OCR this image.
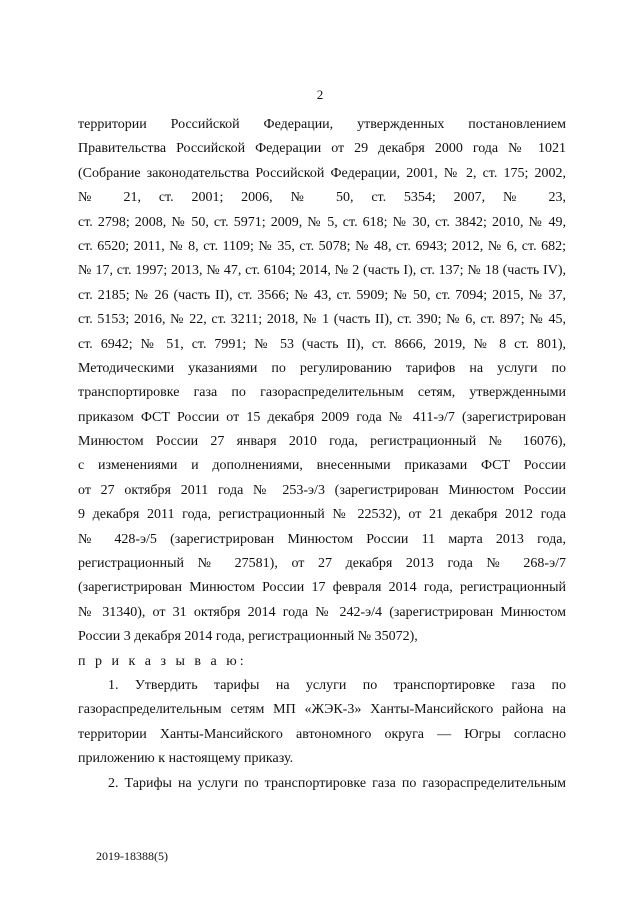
2

территории Российской Федерации, утвержденных постановлением
Правительства Российской Федерации от 29 декабря 2000 года № 1021
(Собрание законодательства Российской Федерации, 2001, № 2, ст. 175; 2002,
№ 21, ст. 2001; 2006, № 50, ст. 5354; 2007, № 23,
ст. 2798; 2008, № 50, ст. 5971; 2009, № 5, ст. 618; № 30, ст. 3842; 2010, № 49,
ст. 6520; 2011, № 8, ст. 1109; № 35, ст. 5078; № 48, ст. 6943; 2012, № 6, ст. 682;
№ 17, ст. 1997; 2013, № 47, ст. 6104; 2014, № 2 (часть I), ст. 137; № 18 (часть IV),
ст. 2185; № 26 (часть II), ст. 3566; № 43, ст. 5909; № 50, ст. 7094; 2015, № 37,
ст. 5153; 2016, № 22, ст. 3211; 2018, № 1 (часть II), ст. 390; № 6, ст. 897; № 45,
ст. 6942; № 51, ст. 7991; № 53 (часть II), ст. 8666, 2019, № 8 ст. 801),
Методическими указаниями по регулированию тарифов на услуги по
транспортировке газа по газораспределительным сетям, утвержденными
приказом ФСТ России от 15 декабря 2009 года № 411-э/7 (зарегистрирован
Минюстом России 27 января 2010 года, регистрационный № 16076),
с изменениями и дополнениями, внесенными приказами ФСТ России
от 27 октября 2011 года № 253-э/3 (зарегистрирован Минюстом России
9 декабря 2011 года, регистрационный № 22532), от 21 декабря 2012 года
№ 428-э/5 (зарегистрирован Минюстом России 11 марта 2013 года,
регистрационный № 27581), от 27 декабря 2013 года № 268-э/7
(зарегистрирован Минюстом России 17 февраля 2014 года, регистрационный
№ 31340), от 31 октября 2014 года № 242-э/4 (зарегистрирован Минюстом
России 3 декабря 2014 года, регистрационный № 35072),

п р и к а з ы в а ю:

1. Утвердить тарифы на услуги по транспортировке газа по
газораспределительным сетям МП «ЖЭК-3» Ханты-Мансийского района на
территории Ханты-Мансийского автономного округа — Югры согласно
приложению к настоящему приказу.

2. Тарифы на услуги по транспортировке газа по газораспределительным

2019-18388(5)
